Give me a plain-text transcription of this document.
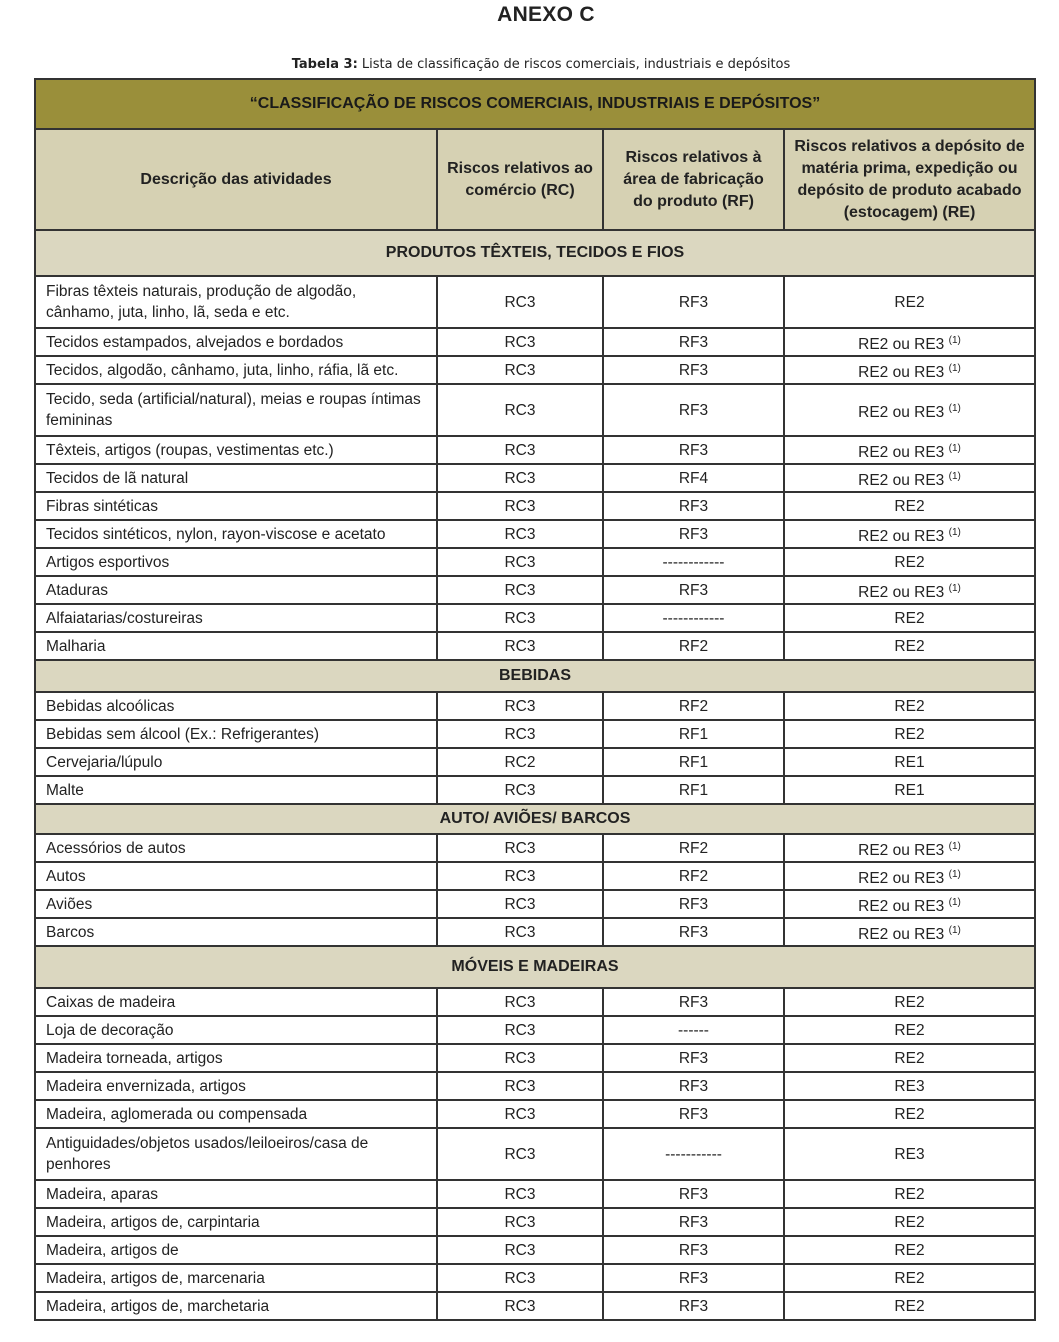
ANEXO C
Tabela 3: Lista de classificação de riscos comerciais, industriais e depósitos
“CLASSIFICAÇÃO DE RISCOS COMERCIAIS, INDUSTRIAIS E DEPÓSITOS”			
Descrição das atividades	Riscos relativos ao comércio (RC)	Riscos relativos à área de fabricação do produto (RF)	Riscos relativos a depósito de matéria prima, expedição ou depósito de produto acabado (estocagem) (RE)
PRODUTOS TÊXTEIS, TECIDOS E FIOS			
Fibras têxteis naturais, produção de algodão, cânhamo, juta, linho, lã, seda e etc.	RC3	RF3	RE2
Tecidos estampados, alvejados e bordados	RC3	RF3	RE2 ou RE3 $^{(1)}$
Tecidos, algodão, cânhamo, juta, linho, ráfia, lã etc.	RC3	RF3	RE2 ou RE3 $^{(1)}$
Tecido, seda (artificial/natural), meias e roupas íntimas femininas	RC3	RF3	RE2 ou RE3 $^{(1)}$
Têxteis, artigos (roupas, vestimentas etc.)	RC3	RF3	RE2 ou RE3 $^{(1)}$
Tecidos de lã natural	RC3	RF4	RE2 ou RE3 $^{(1)}$
Fibras sintéticas	RC3	RF3	RE2
Tecidos sintéticos, nylon, rayon-viscose e acetato	RC3	RF3	RE2 ou RE3 $^{(1)}$
Artigos esportivos	RC3	------------	RE2
Ataduras	RC3	RF3	RE2 ou RE3 $^{(1)}$
Alfaiatarias/costureiras	RC3	------------	RE2
Malharia	RC3	RF2	RE2
BEBIDAS			
Bebidas alcoólicas	RC3	RF2	RE2
Bebidas sem álcool (Ex.: Refrigerantes)	RC3	RF1	RE2
Cervejaria/lúpulo	RC2	RF1	RE1
Malte	RC3	RF1	RE1
AUTO/ AVIÕES/ BARCOS			
Acessórios de autos	RC3	RF2	RE2 ou RE3 $^{(1)}$
Autos	RC3	RF2	RE2 ou RE3 $^{(1)}$
Aviões	RC3	RF3	RE2 ou RE3 $^{(1)}$
Barcos	RC3	RF3	RE2 ou RE3 $^{(1)}$
MÓVEIS E MADEIRAS			
Caixas de madeira	RC3	RF3	RE2
Loja de decoração	RC3	------	RE2
Madeira torneada, artigos	RC3	RF3	RE2
Madeira envernizada, artigos	RC3	RF3	RE3
Madeira, aglomerada ou compensada	RC3	RF3	RE2
Antiguidades/objetos usados/leiloeiros/casa de penhores	RC3	-----------	RE3
Madeira, aparas	RC3	RF3	RE2
Madeira, artigos de, carpintaria	RC3	RF3	RE2
Madeira, artigos de	RC3	RF3	RE2
Madeira, artigos de, marcenaria	RC3	RF3	RE2
Madeira, artigos de, marchetaria	RC3	RF3	RE2
